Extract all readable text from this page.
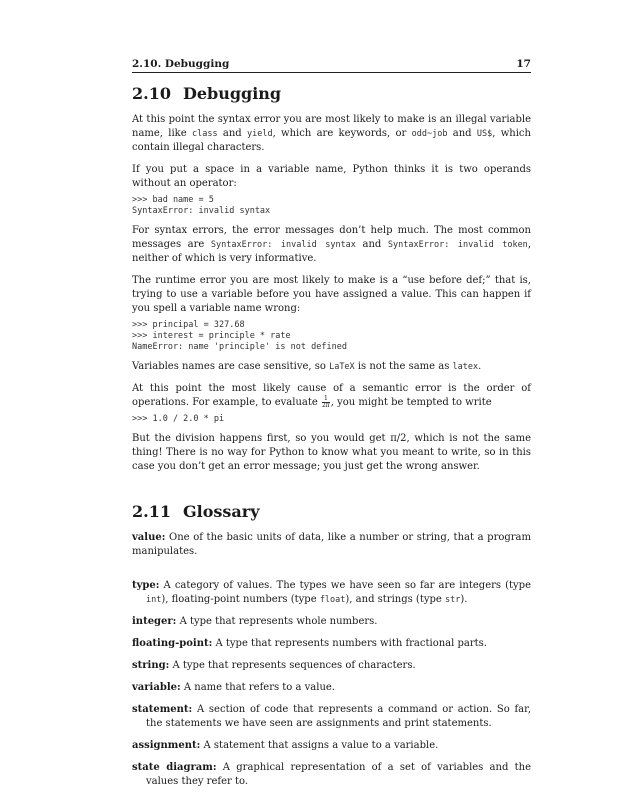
2.10. Debugging	17
2.10 Debugging

At this point the syntax error you are most likely to make is an illegal variable name, like class and yield, which are keywords, or odd~job and US$, which contain illegal characters.

If you put a space in a variable name, Python thinks it is two operands without an operator:

>>> bad name = 5
SyntaxError: invalid syntax

For syntax errors, the error messages don’t help much. The most common messages are SyntaxError: invalid syntax and SyntaxError: invalid token, neither of which is very informative.

The runtime error you are most likely to make is a “use before def;” that is, trying to use a variable before you have assigned a value. This can happen if you spell a variable name wrong:

>>> principal = 327.68
>>> interest = principle * rate
NameError: name 'principle' is not defined

Variables names are case sensitive, so LaTeX is not the same as latex.

At this point the most likely cause of a semantic error is the order of operations. For example, to evaluate $\frac{1}{2\pi}$ , you might be tempted to write

>>> 1.0 / 2.0 * pi

But the division happens first, so you would get π/2, which is not the same thing! There is no way for Python to know what you meant to write, so in this case you don’t get an error message; you just get the wrong answer.

2.11 Glossary
value: One of the basic units of data, like a number or string, that a program manipulates.
type: A category of values. The types we have seen so far are integers (type int), floating-point numbers (type float), and strings (type str).
integer: A type that represents whole numbers.
floating-point: A type that represents numbers with fractional parts.
string: A type that represents sequences of characters.
variable: A name that refers to a value.
statement: A section of code that represents a command or action. So far, the statements we have seen are assignments and print statements.
assignment: A statement that assigns a value to a variable.
state diagram: A graphical representation of a set of variables and the values they refer to.
